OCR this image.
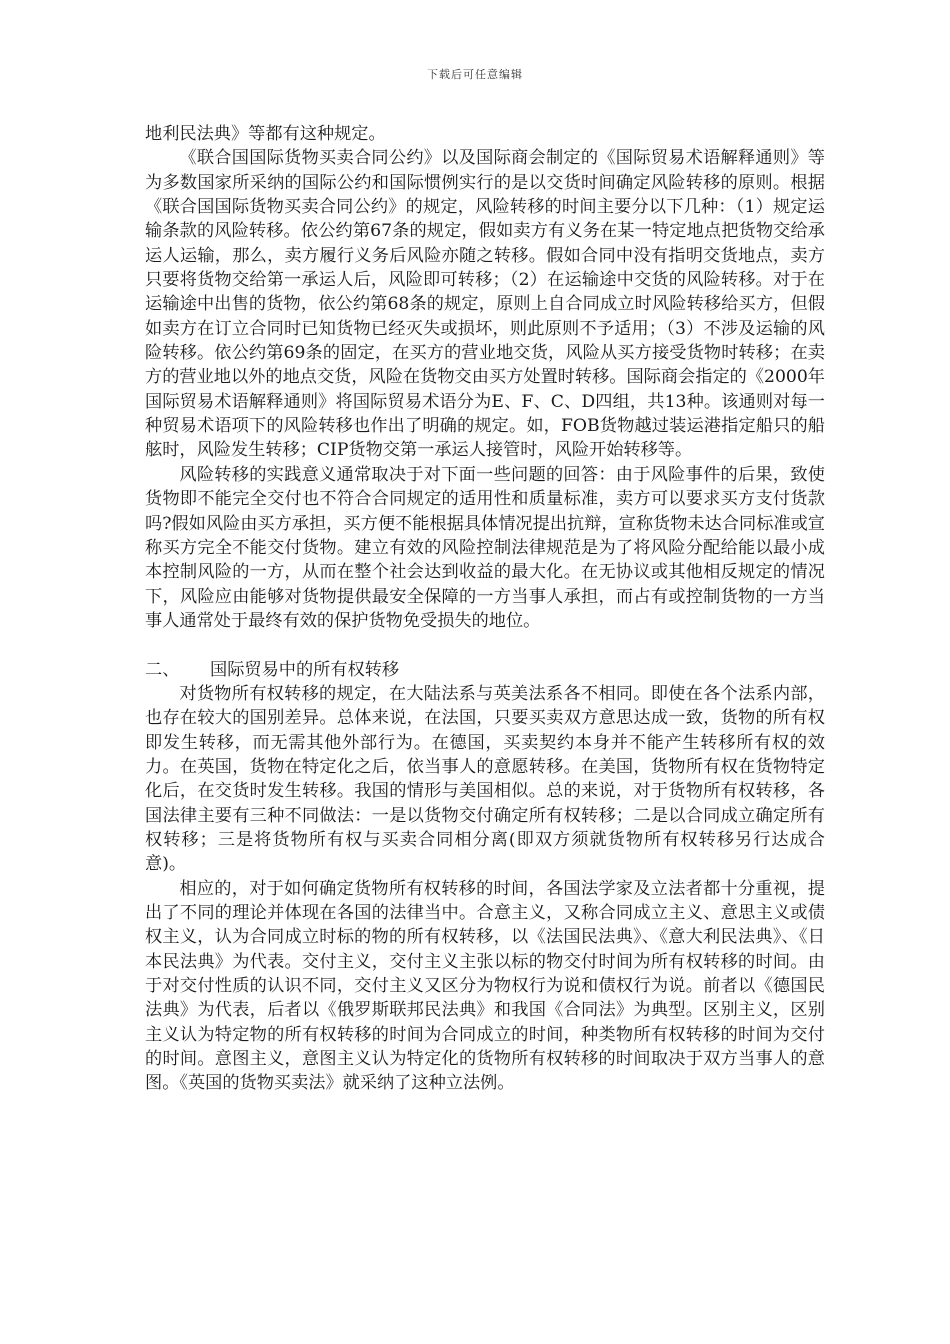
下载后可任意编辑

地利民法典》等都有这种规定。

《联合国国际货物买卖合同公约》以及国际商会制定的《国际贸易术语解释通则》等为多数国家所采纳的国际公约和国际惯例实行的是以交货时间确定风险转移的原则。根据《联合国国际货物买卖合同公约》的规定，风险转移的时间主要分以下几种：（1）规定运输条款的风险转移。依公约第67条的规定，假如卖方有义务在某一特定地点把货物交给承运人运输，那么，卖方履行义务后风险亦随之转移。假如合同中没有指明交货地点，卖方只要将货物交给第一承运人后，风险即可转移；（2）在运输途中交货的风险转移。对于在运输途中出售的货物，依公约第68条的规定，原则上自合同成立时风险转移给买方，但假如卖方在订立合同时已知货物已经灭失或损坏，则此原则不予适用；（3）不涉及运输的风险转移。依公约第69条的固定，在买方的营业地交货，风险从买方接受货物时转移；在卖方的营业地以外的地点交货，风险在货物交由买方处置时转移。国际商会指定的《2000年国际贸易术语解释通则》将国际贸易术语分为E、F、C、D四组，共13种。该通则对每一种贸易术语项下的风险转移也作出了明确的规定。如，FOB货物越过装运港指定船只的船舷时，风险发生转移；CIP货物交第一承运人接管时，风险开始转移等。

风险转移的实践意义通常取决于对下面一些问题的回答：由于风险事件的后果，致使货物即不能完全交付也不符合合同规定的适用性和质量标准，卖方可以要求买方支付货款吗?假如风险由买方承担，买方便不能根据具体情况提出抗辩，宣称货物未达合同标准或宣称买方完全不能交付货物。建立有效的风险控制法律规范是为了将风险分配给能以最小成本控制风险的一方，从而在整个社会达到收益的最大化。在无协议或其他相反规定的情况下，风险应由能够对货物提供最安全保障的一方当事人承担，而占有或控制货物的一方当事人通常处于最终有效的保护货物免受损失的地位。

二、 国际贸易中的所有权转移

对货物所有权转移的规定，在大陆法系与英美法系各不相同。即使在各个法系内部，也存在较大的国别差异。总体来说，在法国，只要买卖双方意思达成一致，货物的所有权即发生转移，而无需其他外部行为。在德国，买卖契约本身并不能产生转移所有权的效力。在英国，货物在特定化之后，依当事人的意愿转移。在美国，货物所有权在货物特定化后，在交货时发生转移。我国的情形与美国相似。总的来说，对于货物所有权转移，各国法律主要有三种不同做法：一是以货物交付确定所有权转移；二是以合同成立确定所有权转移；三是将货物所有权与买卖合同相分离(即双方须就货物所有权转移另行达成合意)。

相应的，对于如何确定货物所有权转移的时间，各国法学家及立法者都十分重视，提出了不同的理论并体现在各国的法律当中。合意主义，又称合同成立主义、意思主义或债权主义，认为合同成立时标的物的所有权转移，以《法国民法典》、《意大利民法典》、《日本民法典》为代表。交付主义，交付主义主张以标的物交付时间为所有权转移的时间。由于对交付性质的认识不同，交付主义又区分为物权行为说和债权行为说。前者以《德国民法典》为代表，后者以《俄罗斯联邦民法典》和我国《合同法》为典型。区别主义，区别主义认为特定物的所有权转移的时间为合同成立的时间，种类物所有权转移的时间为交付的时间。意图主义，意图主义认为特定化的货物所有权转移的时间取决于双方当事人的意图。《英国的货物买卖法》就采纳了这种立法例。
